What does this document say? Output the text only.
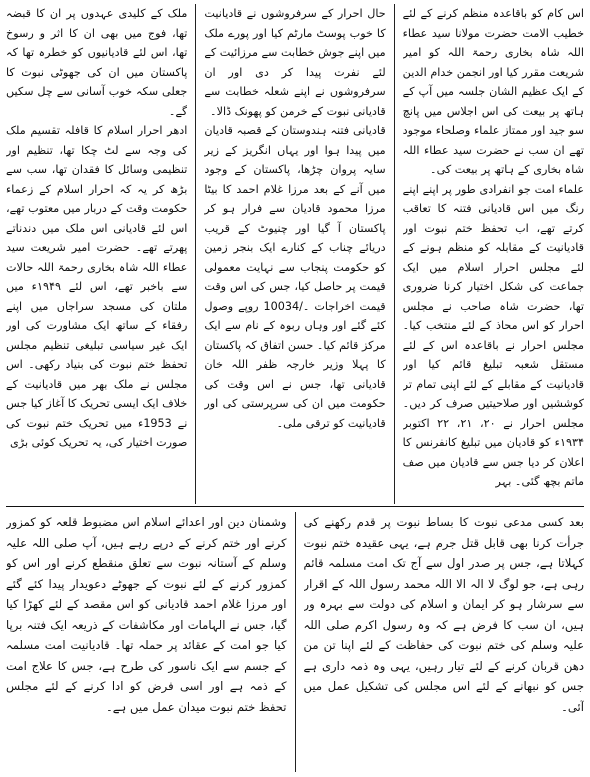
اس کام کو باقاعدہ منظم کرنے کے لئے خطیب الامت حضرت مولانا سید عطاء اللہ شاہ بخاری رحمۃ اللہ کو امیر شریعت مقرر کیا اور انجمن خدام الدین کے ایک عظیم الشان جلسہ میں آپ کے ہاتھ پر بیعت کی اس اجلاس میں پانچ سو جید اور ممتاز علماء وصلحاء موجود تھے ان سب نے حضرت سید عطاء اللہ شاہ بخاری کے ہاتھ پر بیعت کی۔

علماء امت جو انفرادی طور پر اپنے اپنے رنگ میں اس قادیانی فتنہ کا تعاقب کرتے تھے، اب تحفظ ختم نبوت اور قادیانیت کے مقابلہ کو منظم ہونے کے لئے مجلس احرار اسلام میں ایک جماعت کی شکل اختیار کرنا ضروری تھا، حضرت شاہ صاحب نے مجلس احرار کو اس محاذ کے لئے منتخب کیا۔ مجلس احرار نے باقاعدہ اس کے لئے مستقل شعبہ تبلیغ قائم کیا اور قادیانیت کے مقابلے کے لئے اپنی تمام تر کوششیں اور صلاحیتیں صرف کر دیں۔ مجلس احرار نے ۲۰، ۲۱، ۲۲ اکتوبر ۱۹۳۴ء کو قادیان میں تبلیغ کانفرنس کا اعلان کر دیا جس سے قادیان میں صف ماتم بچھ گئی۔ بہر

حال احرار کے سرفروشوں نے قادیانیت کا خوب پوسٹ مارٹم کیا اور پورے ملک میں اپنے جوش خطابت سے مرزائیت کے لئے نفرت پیدا کر دی اور ان سرفروشوں نے اپنے شعلہ خطابت سے قادیانی نبوت کے خرمن کو پھونک ڈالا۔

قادیانی فتنہ ہندوستان کے قصبہ قادیان میں پیدا ہوا اور یہاں انگریز کے زیر سایہ پروان چڑھا، پاکستان کے وجود میں آنے کے بعد مرزا غلام احمد کا بیٹا مرزا محمود قادیان سے فرار ہو کر پاکستان آ گیا اور چنیوٹ کے قریب دریائے چناب کے کنارے ایک بنجر زمین کو حکومت پنجاب سے نہایت معمولی قیمت پر حاصل کیا، جس کی اس وقت قیمت اخراجات ۔/10034 روپے وصول کئے گئے اور وہاں ربوہ کے نام سے ایک مرکز قائم کیا۔ حسن اتفاق کہ پاکستان کا پہلا وزیر خارجہ ظفر اللہ خان قادیانی تھا، جس نے اس وقت کی حکومت میں ان کی سرپرستی کی اور قادیانیت کو ترقی ملی۔

ملک کے کلیدی عہدوں پر ان کا قبضہ تھا، فوج میں بھی ان کا اثر و رسوخ تھا، اس لئے قادیانیوں کو خطرہ تھا کہ پاکستان میں ان کی جھوٹی نبوت کا جعلی سکہ خوب آسانی سے چل سکیں گے۔

ادھر احرار اسلام کا قافلہ تقسیم ملک کی وجہ سے لٹ چکا تھا، تنظیم اور تنظیمی وسائل کا فقدان تھا، سب سے بڑھ کر یہ کہ احرار اسلام کے زعماء حکومت وقت کے دربار میں معتوب تھے، اس لئے قادیانی اس ملک میں دندناتے پھرتے تھے۔ حضرت امیر شریعت سید عطاء اللہ شاہ بخاری رحمۃ اللہ حالات سے باخبر تھے، اس لئے ۱۹۴۹ء میں ملتان کی مسجد سراجاں میں اپنے رفقاء کے ساتھ ایک مشاورت کی اور ایک غیر سیاسی تبلیغی تنظیم مجلس تحفظ ختم نبوت کی بنیاد رکھی۔ اس مجلس نے ملک بھر میں قادیانیت کے خلاف ایک ایسی تحریک کا آغاز کیا جس نے 1953ء میں تحریک ختم نبوت کی صورت اختیار کی، یہ تحریک کوئی بڑی

بعد کسی مدعی نبوت کا بساط نبوت پر قدم رکھنے کی جرأت کرنا بھی قابل قتل جرم ہے، یہی عقیدہ ختم نبوت کہلاتا ہے، جس پر صدر اول سے آج تک امت مسلمہ قائم رہی ہے، جو لوگ لا الہ الا اللہ محمد رسول اللہ کے اقرار سے سرشار ہو کر ایمان و اسلام کی دولت سے بہرہ ور ہیں، ان سب کا فرض ہے کہ وہ رسول اکرم صلی اللہ علیہ وسلم کی ختم نبوت کی حفاظت کے لئے اپنا تن من دھن قربان کرنے کے لئے تیار رہیں، یہی وہ ذمہ داری ہے جس کو نبھانے کے لئے اس مجلس کی تشکیل عمل میں آئی۔

وشمنان دین اور اعدائے اسلام اس مضبوط قلعہ کو کمزور کرنے اور ختم کرنے کے درپے رہے ہیں، آپ صلی اللہ علیہ وسلم کے آستانہ نبوت سے تعلق منقطع کرنے اور اس کو کمزور کرنے کے لئے نبوت کے جھوٹے دعویدار پیدا کئے گئے اور مرزا غلام احمد قادیانی کو اس مقصد کے لئے کھڑا کیا گیا، جس نے الہامات اور مکاشفات کے ذریعہ ایک فتنہ برپا کیا جو امت کے عقائد پر حملہ تھا۔ قادیانیت امت مسلمہ کے جسم سے ایک ناسور کی طرح ہے، جس کا علاج امت کے ذمہ ہے اور اسی فرض کو ادا کرنے کے لئے مجلس تحفظ ختم نبوت میدان عمل میں ہے۔
